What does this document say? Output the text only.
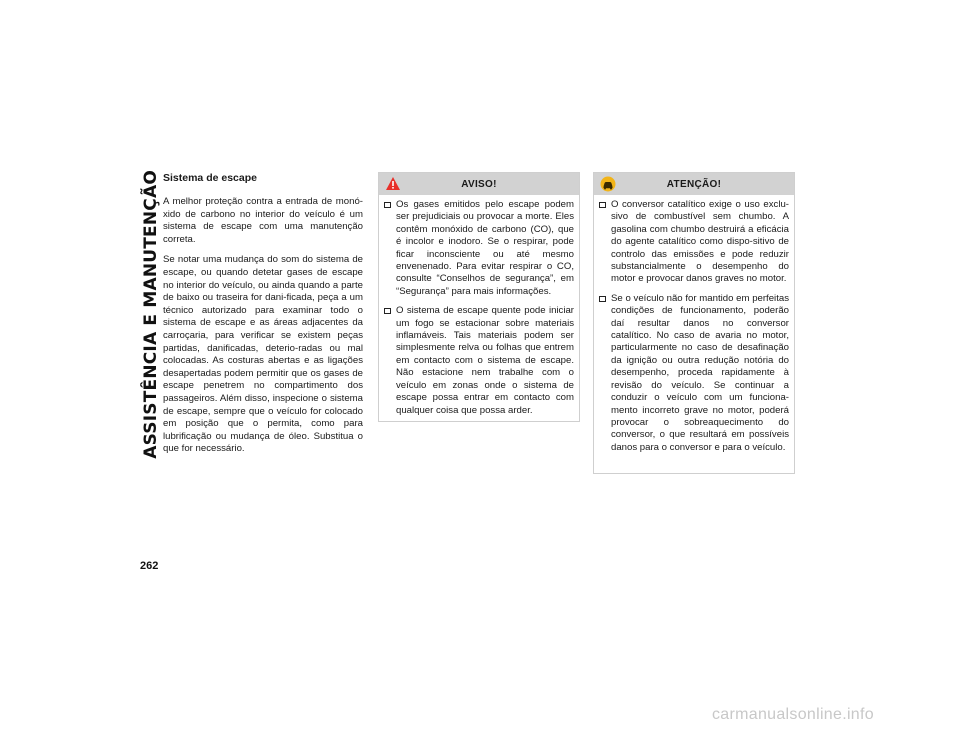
ASSISTÊNCIA E MANUTENÇÃO
262
Sistema de escape

A melhor proteção contra a entrada de monó-xido de carbono no interior do veículo é um sistema de escape com uma manutenção correta.

Se notar uma mudança do som do sistema de escape, ou quando detetar gases de escape no interior do veículo, ou ainda quando a parte de baixo ou traseira for dani-ficada, peça a um técnico autorizado para examinar todo o sistema de escape e as áreas adjacentes da carroçaria, para verificar se existem peças partidas, danificadas, deterio-radas ou mal colocadas. As costuras abertas e as ligações desapertadas podem permitir que os gases de escape penetrem no compartimento dos passageiros. Além disso, inspecione o sistema de escape, sempre que o veículo for colocado em posição que o permita, como para lubrificação ou mudança de óleo. Substitua o que for necessário.

AVISO!
Os gases emitidos pelo escape podem ser prejudiciais ou provocar a morte. Eles contêm monóxido de carbono (CO), que é incolor e inodoro. Se o respirar, pode ficar inconsciente ou até mesmo envenenado. Para evitar respirar o CO, consulte “Conselhos de segurança”, em “Segurança” para mais informações.
O sistema de escape quente pode iniciar um fogo se estacionar sobre materiais inflamáveis. Tais materiais podem ser simplesmente relva ou folhas que entrem em contacto com o sistema de escape. Não estacione nem trabalhe com o veículo em zonas onde o sistema de escape possa entrar em contacto com qualquer coisa que possa arder.
ATENÇÃO!
O conversor catalítico exige o uso exclu-sivo de combustível sem chumbo. A gasolina com chumbo destruirá a eficácia do agente catalítico como dispo-sitivo de controlo das emissões e pode reduzir substancialmente o desempenho do motor e provocar danos graves no motor.
Se o veículo não for mantido em perfeitas condições de funcionamento, poderão daí resultar danos no conversor catalítico. No caso de avaria no motor, particularmente no caso de desafinação da ignição ou outra redução notória do desempenho, proceda rapidamente à revisão do veículo. Se continuar a conduzir o veículo com um funciona-mento incorreto grave no motor, poderá provocar o sobreaquecimento do conversor, o que resultará em possíveis danos para o conversor e para o veículo.
carmanualsonline.info
